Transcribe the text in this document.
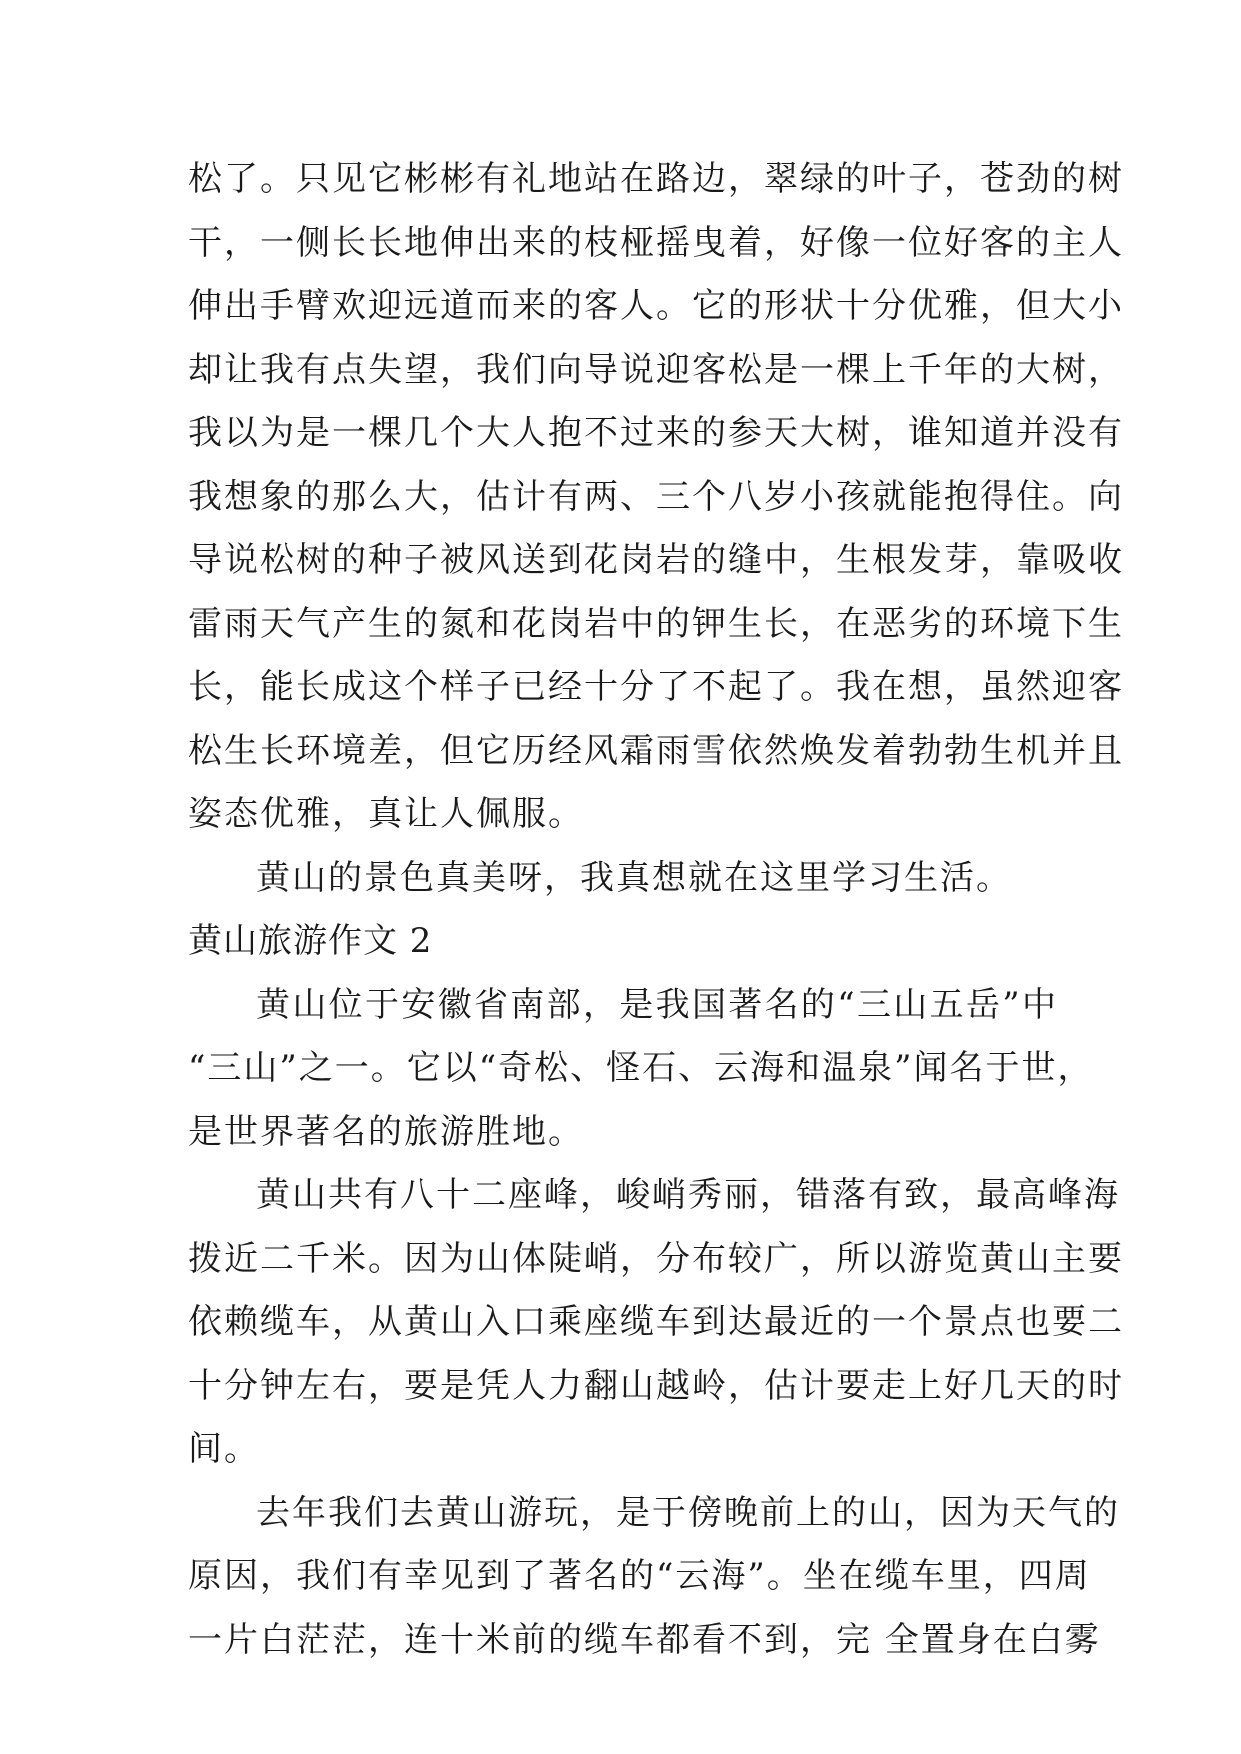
松了。只见它彬彬有礼地站在路边，翠绿的叶子，苍劲的树
干，一侧长长地伸出来的枝桠摇曳着，好像一位好客的主人
伸出手臂欢迎远道而来的客人。它的形状十分优雅，但大小
却让我有点失望，我们向导说迎客松是一棵上千年的大树，
我以为是一棵几个大人抱不过来的参天大树，谁知道并没有
我想象的那么大，估计有两、三个八岁小孩就能抱得住。向
导说松树的种子被风送到花岗岩的缝中，生根发芽，靠吸收
雷雨天气产生的氮和花岗岩中的钾生长，在恶劣的环境下生
长，能长成这个样子已经十分了不起了。我在想，虽然迎客
松生长环境差，但它历经风霜雨雪依然焕发着勃勃生机并且
姿态优雅，真让人佩服。
黄山的景色真美呀，我真想就在这里学习生活。
黄山旅游作文 2
黄山位于安徽省南部，是我国著名的“三山五岳”中
“三山”之一。它以“奇松、怪石、云海和温泉”闻名于世，
是世界著名的旅游胜地。
黄山共有八十二座峰，峻峭秀丽，错落有致，最高峰海
拨近二千米。因为山体陡峭，分布较广，所以游览黄山主要
依赖缆车，从黄山入口乘座缆车到达最近的一个景点也要二
十分钟左右，要是凭人力翻山越岭，估计要走上好几天的时
间。
去年我们去黄山游玩，是于傍晚前上的山，因为天气的
原因，我们有幸见到了著名的“云海”。坐在缆车里，四周
一片白茫茫，连十米前的缆车都看不到，完 全置身在白雾
